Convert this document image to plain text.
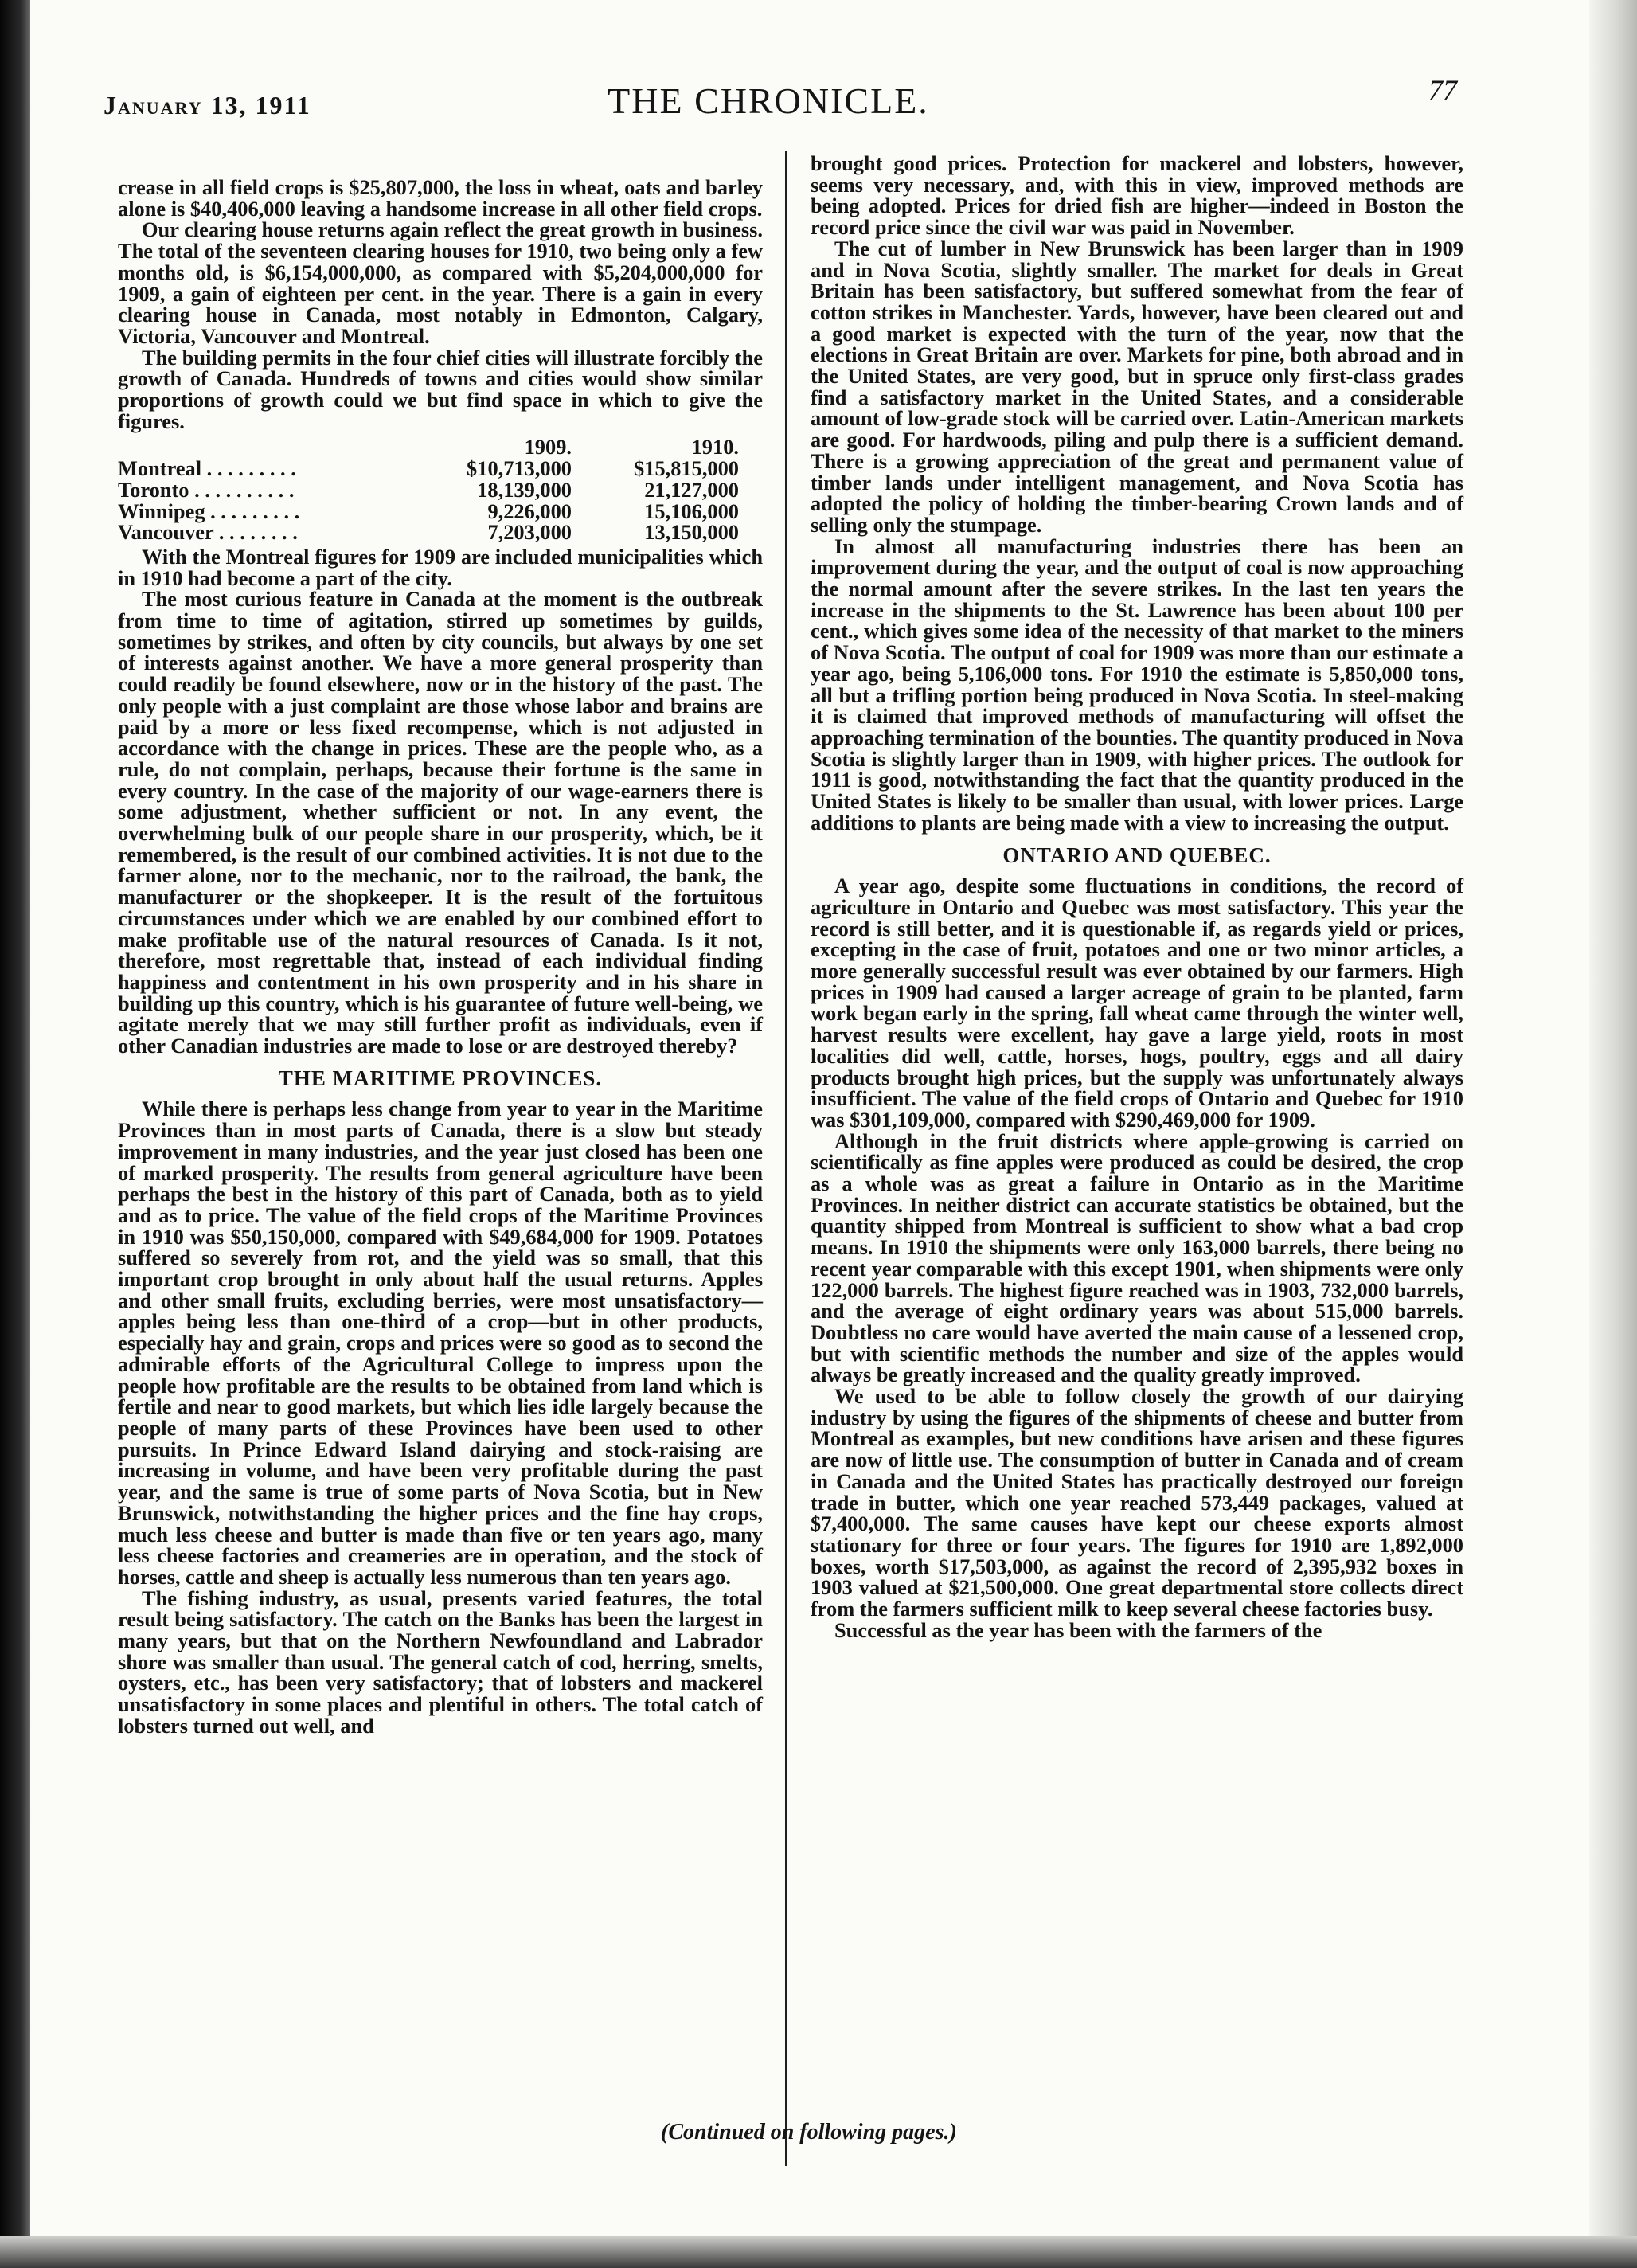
January 13, 1911	THE CHRONICLE.	77

crease in all field crops is $25,807,000, the loss in wheat, oats and barley alone is $40,406,000 leaving a handsome increase in all other field crops.

Our clearing house returns again reflect the great growth in business. The total of the seventeen clearing houses for 1910, two being only a few months old, is $6,154,000,000, as compared with $5,204,000,000 for 1909, a gain of eighteen per cent. in the year. There is a gain in every clearing house in Canada, most notably in Edmonton, Calgary, Victoria, Vancouver and Montreal.

The building permits in the four chief cities will illustrate forcibly the growth of Canada. Hundreds of towns and cities would show similar proportions of growth could we but find space in which to give the figures.

1909.	1910.
Montreal . . . . . . . . .	$10,713,000	$15,815,000
Toronto . . . . . . . . . .	18,139,000	21,127,000
Winnipeg . . . . . . . . .	9,226,000	15,106,000
Vancouver . . . . . . . .	7,203,000	13,150,000

With the Montreal figures for 1909 are included municipalities which in 1910 had become a part of the city.

The most curious feature in Canada at the moment is the outbreak from time to time of agitation, stirred up sometimes by guilds, sometimes by strikes, and often by city councils, but always by one set of interests against another. We have a more general prosperity than could readily be found elsewhere, now or in the history of the past. The only people with a just complaint are those whose labor and brains are paid by a more or less fixed recompense, which is not adjusted in accordance with the change in prices. These are the people who, as a rule, do not complain, perhaps, because their fortune is the same in every country. In the case of the majority of our wage-earners there is some adjustment, whether sufficient or not. In any event, the overwhelming bulk of our people share in our prosperity, which, be it remembered, is the result of our combined activities. It is not due to the farmer alone, nor to the mechanic, nor to the railroad, the bank, the manufacturer or the shopkeeper. It is the result of the fortuitous circumstances under which we are enabled by our combined effort to make profitable use of the natural resources of Canada. Is it not, therefore, most regrettable that, instead of each individual finding happiness and contentment in his own prosperity and in his share in building up this country, which is his guarantee of future well-being, we agitate merely that we may still further profit as individuals, even if other Canadian industries are made to lose or are destroyed thereby?

THE MARITIME PROVINCES.

While there is perhaps less change from year to year in the Maritime Provinces than in most parts of Canada, there is a slow but steady improvement in many industries, and the year just closed has been one of marked prosperity. The results from general agriculture have been perhaps the best in the history of this part of Canada, both as to yield and as to price. The value of the field crops of the Maritime Provinces in 1910 was $50,150,000, compared with $49,684,000 for 1909. Potatoes suffered so severely from rot, and the yield was so small, that this important crop brought in only about half the usual returns. Apples and other small fruits, excluding berries, were most unsatisfactory—apples being less than one-third of a crop—but in other products, especially hay and grain, crops and prices were so good as to second the admirable efforts of the Agricultural College to impress upon the people how profitable are the results to be obtained from land which is fertile and near to good markets, but which lies idle largely because the people of many parts of these Provinces have been used to other pursuits. In Prince Edward Island dairying and stock-raising are increasing in volume, and have been very profitable during the past year, and the same is true of some parts of Nova Scotia, but in New Brunswick, notwithstanding the higher prices and the fine hay crops, much less cheese and butter is made than five or ten years ago, many less cheese factories and creameries are in operation, and the stock of horses, cattle and sheep is actually less numerous than ten years ago.

The fishing industry, as usual, presents varied features, the total result being satisfactory. The catch on the Banks has been the largest in many years, but that on the Northern Newfoundland and Labrador shore was smaller than usual. The general catch of cod, herring, smelts, oysters, etc., has been very satisfactory; that of lobsters and mackerel unsatisfactory in some places and plentiful in others. The total catch of lobsters turned out well, and

brought good prices. Protection for mackerel and lobsters, however, seems very necessary, and, with this in view, improved methods are being adopted. Prices for dried fish are higher—indeed in Boston the record price since the civil war was paid in November.

The cut of lumber in New Brunswick has been larger than in 1909 and in Nova Scotia, slightly smaller. The market for deals in Great Britain has been satisfactory, but suffered somewhat from the fear of cotton strikes in Manchester. Yards, however, have been cleared out and a good market is expected with the turn of the year, now that the elections in Great Britain are over. Markets for pine, both abroad and in the United States, are very good, but in spruce only first-class grades find a satisfactory market in the United States, and a considerable amount of low-grade stock will be carried over. Latin-American markets are good. For hardwoods, piling and pulp there is a sufficient demand. There is a growing appreciation of the great and permanent value of timber lands under intelligent management, and Nova Scotia has adopted the policy of holding the timber-bearing Crown lands and of selling only the stumpage.

In almost all manufacturing industries there has been an improvement during the year, and the output of coal is now approaching the normal amount after the severe strikes. In the last ten years the increase in the shipments to the St. Lawrence has been about 100 per cent., which gives some idea of the necessity of that market to the miners of Nova Scotia. The output of coal for 1909 was more than our estimate a year ago, being 5,106,000 tons. For 1910 the estimate is 5,850,000 tons, all but a trifling portion being produced in Nova Scotia. In steel-making it is claimed that improved methods of manufacturing will offset the approaching termination of the bounties. The quantity produced in Nova Scotia is slightly larger than in 1909, with higher prices. The outlook for 1911 is good, notwithstanding the fact that the quantity produced in the United States is likely to be smaller than usual, with lower prices. Large additions to plants are being made with a view to increasing the output.

ONTARIO AND QUEBEC.

A year ago, despite some fluctuations in conditions, the record of agriculture in Ontario and Quebec was most satisfactory. This year the record is still better, and it is questionable if, as regards yield or prices, excepting in the case of fruit, potatoes and one or two minor articles, a more generally successful result was ever obtained by our farmers. High prices in 1909 had caused a larger acreage of grain to be planted, farm work began early in the spring, fall wheat came through the winter well, harvest results were excellent, hay gave a large yield, roots in most localities did well, cattle, horses, hogs, poultry, eggs and all dairy products brought high prices, but the supply was unfortunately always insufficient. The value of the field crops of Ontario and Quebec for 1910 was $301,109,000, compared with $290,469,000 for 1909.

Although in the fruit districts where apple-growing is carried on scientifically as fine apples were produced as could be desired, the crop as a whole was as great a failure in Ontario as in the Maritime Provinces. In neither district can accurate statistics be obtained, but the quantity shipped from Montreal is sufficient to show what a bad crop means. In 1910 the shipments were only 163,000 barrels, there being no recent year comparable with this except 1901, when shipments were only 122,000 barrels. The highest figure reached was in 1903, 732,000 barrels, and the average of eight ordinary years was about 515,000 barrels. Doubtless no care would have averted the main cause of a lessened crop, but with scientific methods the number and size of the apples would always be greatly increased and the quality greatly improved.

We used to be able to follow closely the growth of our dairying industry by using the figures of the shipments of cheese and butter from Montreal as examples, but new conditions have arisen and these figures are now of little use. The consumption of butter in Canada and of cream in Canada and the United States has practically destroyed our foreign trade in butter, which one year reached 573,449 packages, valued at $7,400,000. The same causes have kept our cheese exports almost stationary for three or four years. The figures for 1910 are 1,892,000 boxes, worth $17,503,000, as against the record of 2,395,932 boxes in 1903 valued at $21,500,000. One great departmental store collects direct from the farmers sufficient milk to keep several cheese factories busy.

Successful as the year has been with the farmers of the

(Continued on following pages.)
